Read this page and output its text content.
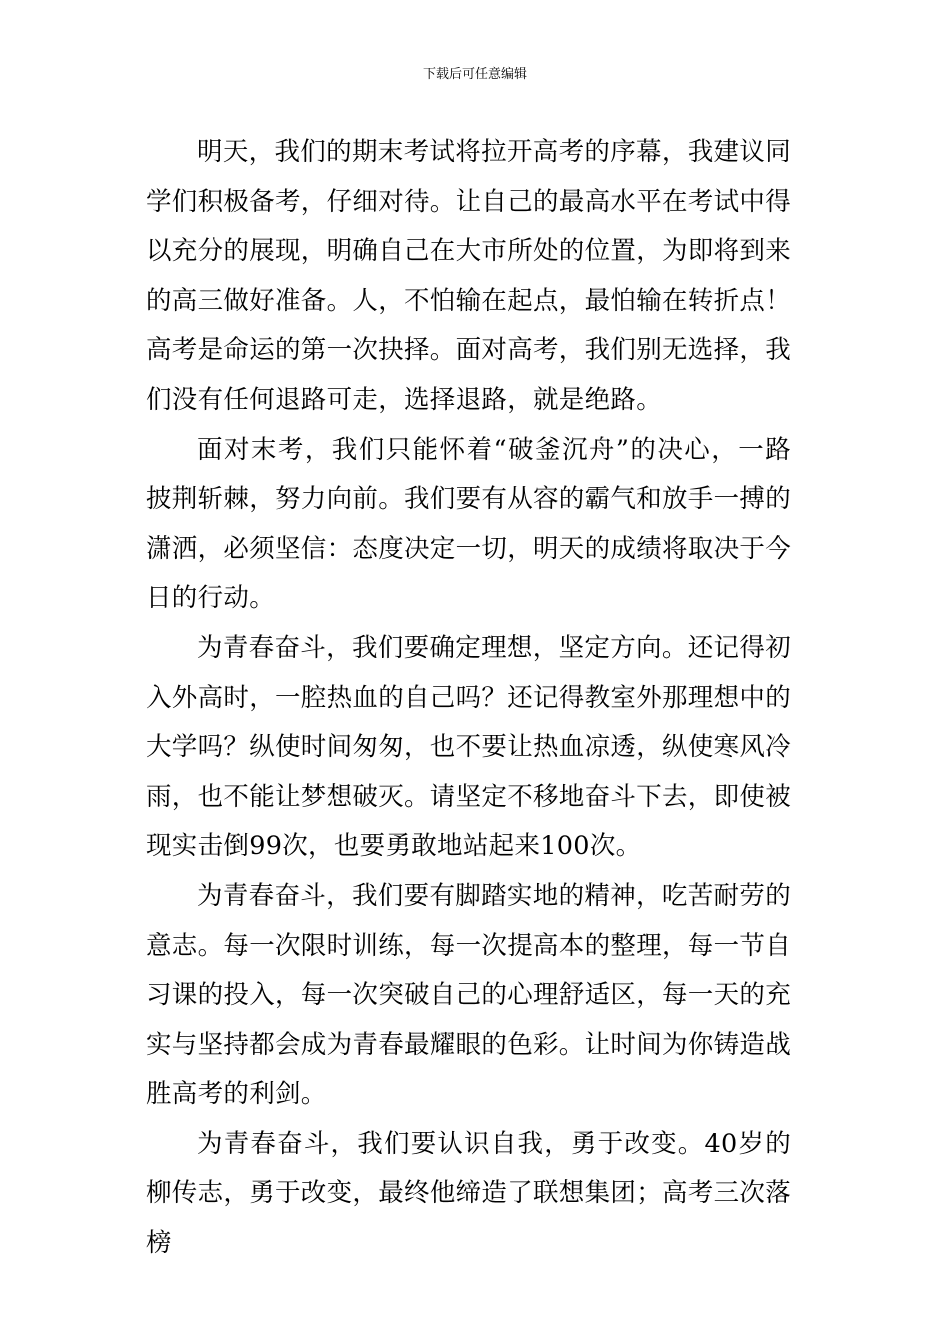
下载后可任意编辑

明天，我们的期末考试将拉开高考的序幕，我建议同学们积极备考，仔细对待。让自己的最高水平在考试中得以充分的展现，明确自己在大市所处的位置，为即将到来的高三做好准备。人，不怕输在起点，最怕输在转折点！高考是命运的第一次抉择。面对高考，我们别无选择，我们没有任何退路可走，选择退路，就是绝路。

面对末考，我们只能怀着“破釜沉舟”的决心，一路披荆斩棘，努力向前。我们要有从容的霸气和放手一搏的潇洒，必须坚信：态度决定一切，明天的成绩将取决于今日的行动。

为青春奋斗，我们要确定理想，坚定方向。还记得初入外高时，一腔热血的自己吗？还记得教室外那理想中的大学吗？纵使时间匆匆，也不要让热血凉透，纵使寒风冷雨，也不能让梦想破灭。请坚定不移地奋斗下去，即使被现实击倒99次，也要勇敢地站起来100次。

为青春奋斗，我们要有脚踏实地的精神，吃苦耐劳的意志。每一次限时训练，每一次提高本的整理，每一节自习课的投入，每一次突破自己的心理舒适区，每一天的充实与坚持都会成为青春最耀眼的色彩。让时间为你铸造战胜高考的利剑。

为青春奋斗，我们要认识自我，勇于改变。40岁的柳传志，勇于改变，最终他缔造了联想集团；高考三次落榜
